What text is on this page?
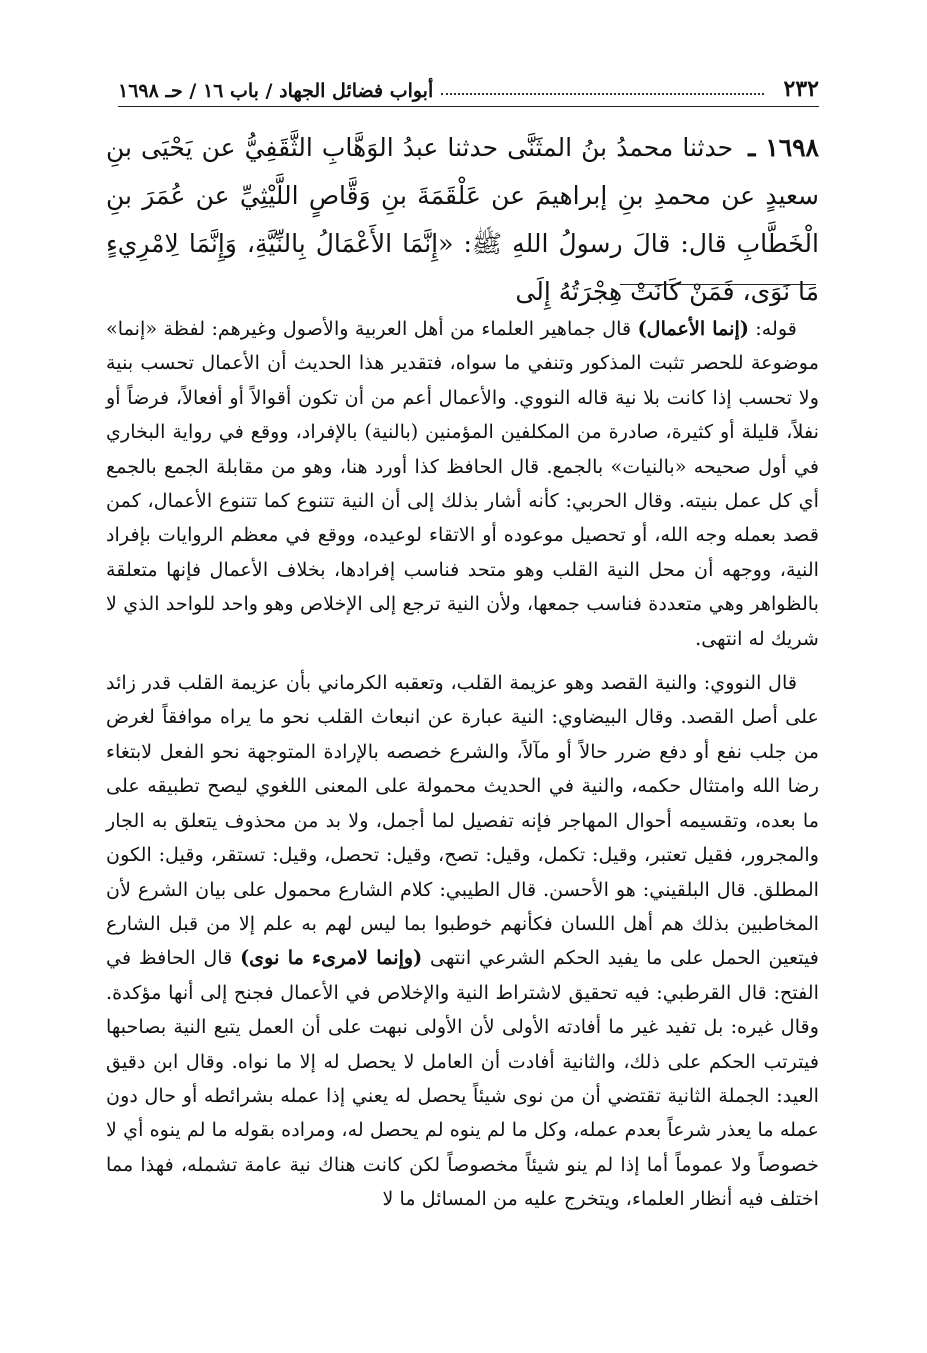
٢٣٢
أبواب فضائل الجهاد / باب ١٦ / حـ ١٦٩٨
١٦٩٨ ـ حدثنا محمدُ بنُ المثَنَّى حدثنا عبدُ الوَهَّابِ الثَّقَفِيُّ عن يَحْيَى بنِ سعيدٍ عن محمدِ بنِ إبراهيمَ عن عَلْقَمَةَ بنِ وَقَّاصٍ اللَّيْثِيِّ عن عُمَرَ بنِ الْخَطَّابِ قال: قالَ رسولُ اللهِ ﷺ: «إِنَّمَا الأَعْمَالُ بِالنِّيَّةِ، وَإِنَّمَا لِامْرِيءٍ مَا نَوَى، فَمَنْ كَانَتْ هِجْرَتُهُ إِلَى

قوله: (إنما الأعمال) قال جماهير العلماء من أهل العربية والأصول وغيرهم: لفظة «إنما» موضوعة للحصر تثبت المذكور وتنفي ما سواه، فتقدير هذا الحديث أن الأعمال تحسب بنية ولا تحسب إذا كانت بلا نية قاله النووي. والأعمال أعم من أن تكون أقوالاً أو أفعالاً، فرضاً أو نفلاً، قليلة أو كثيرة، صادرة من المكلفين المؤمنين (بالنية) بالإفراد، ووقع في رواية البخاري في أول صحيحه «بالنيات» بالجمع. قال الحافظ كذا أورد هنا، وهو من مقابلة الجمع بالجمع أي كل عمل بنيته. وقال الحربي: كأنه أشار بذلك إلى أن النية تتنوع كما تتنوع الأعمال، كمن قصد بعمله وجه الله، أو تحصيل موعوده أو الاتقاء لوعيده، ووقع في معظم الروايات بإفراد النية، ووجهه أن محل النية القلب وهو متحد فناسب إفرادها، بخلاف الأعمال فإنها متعلقة بالظواهر وهي متعددة فناسب جمعها، ولأن النية ترجع إلى الإخلاص وهو واحد للواحد الذي لا شريك له انتهى.

قال النووي: والنية القصد وهو عزيمة القلب، وتعقبه الكرماني بأن عزيمة القلب قدر زائد على أصل القصد. وقال البيضاوي: النية عبارة عن انبعاث القلب نحو ما يراه موافقاً لغرض من جلب نفع أو دفع ضرر حالاً أو مآلاً، والشرع خصصه بالإرادة المتوجهة نحو الفعل لابتغاء رضا الله وامتثال حكمه، والنية في الحديث محمولة على المعنى اللغوي ليصح تطبيقه على ما بعده، وتقسيمه أحوال المهاجر فإنه تفصيل لما أجمل، ولا بد من محذوف يتعلق به الجار والمجرور، فقيل تعتبر، وقيل: تكمل، وقيل: تصح، وقيل: تحصل، وقيل: تستقر، وقيل: الكون المطلق. قال البلقيني: هو الأحسن. قال الطيبي: كلام الشارع محمول على بيان الشرع لأن المخاطبين بذلك هم أهل اللسان فكأنهم خوطبوا بما ليس لهم به علم إلا من قبل الشارع فيتعين الحمل على ما يفيد الحكم الشرعي انتهى (وإنما لامرىء ما نوى) قال الحافظ في الفتح: قال القرطبي: فيه تحقيق لاشتراط النية والإخلاص في الأعمال فجنح إلى أنها مؤكدة. وقال غيره: بل تفيد غير ما أفادته الأولى لأن الأولى نبهت على أن العمل يتبع النية بصاحبها فيترتب الحكم على ذلك، والثانية أفادت أن العامل لا يحصل له إلا ما نواه. وقال ابن دقيق العيد: الجملة الثانية تقتضي أن من نوى شيئاً يحصل له يعني إذا عمله بشرائطه أو حال دون عمله ما يعذر شرعاً بعدم عمله، وكل ما لم ينوه لم يحصل له، ومراده بقوله ما لم ينوه أي لا خصوصاً ولا عموماً أما إذا لم ينو شيئاً مخصوصاً لكن كانت هناك نية عامة تشمله، فهذا مما اختلف فيه أنظار العلماء، ويتخرج عليه من المسائل ما لا
